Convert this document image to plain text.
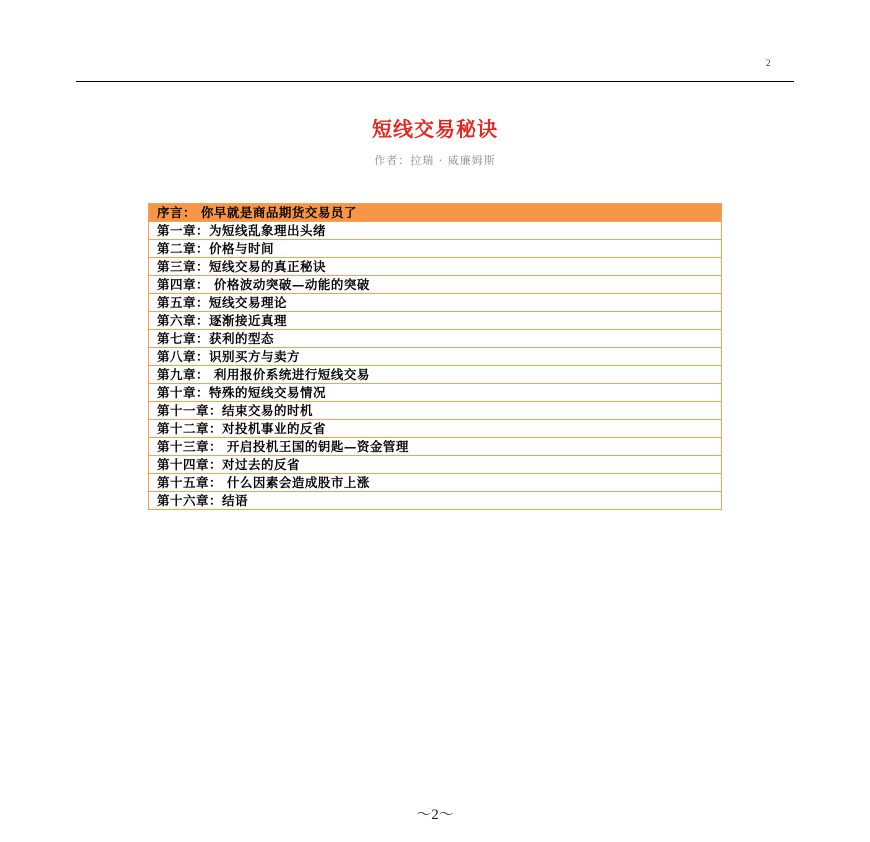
2
短线交易秘诀
作者：拉瑞 · 威廉姆斯
序言： 你早就是商品期货交易员了
第一章：为短线乱象理出头绪
第二章：价格与时间
第三章：短线交易的真正秘诀
第四章： 价格波动突破—动能的突破
第五章：短线交易理论
第六章：逐渐接近真理
第七章：获利的型态
第八章：识别买方与卖方
第九章： 利用报价系统进行短线交易
第十章：特殊的短线交易情况
第十一章：结束交易的时机
第十二章：对投机事业的反省
第十三章： 开启投机王国的钥匙—资金管理
第十四章：对过去的反省
第十五章： 什么因素会造成股市上涨
第十六章：结语
～2～
